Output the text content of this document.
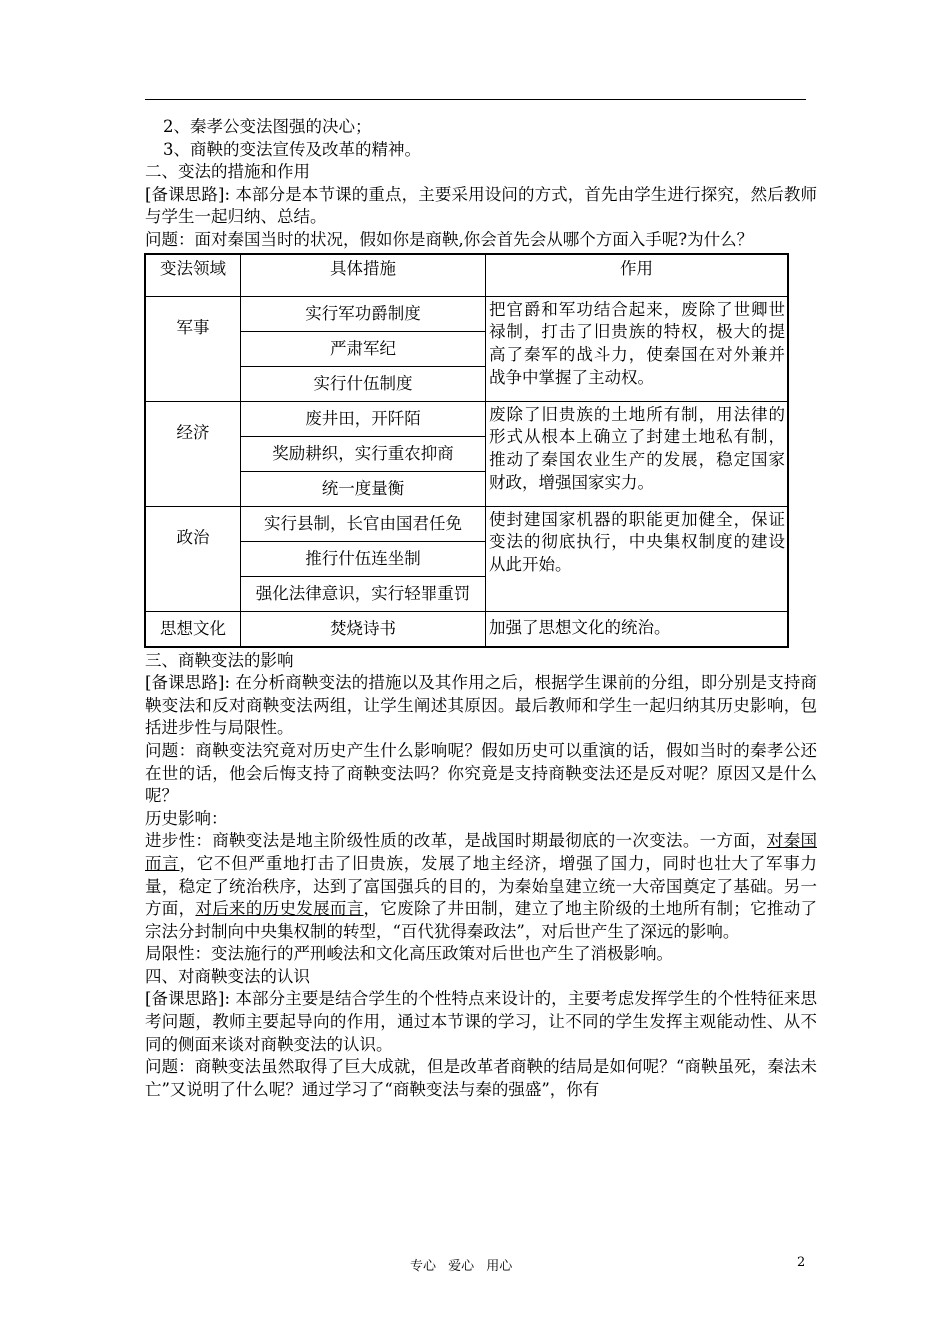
2、秦孝公变法图强的决心；

3、商鞅的变法宣传及改革的精神。

二、变法的措施和作用

[备课思路]: 本部分是本节课的重点，主要采用设问的方式，首先由学生进行探究，然后教师与学生一起归纳、总结。

问题：面对秦国当时的状况，假如你是商鞅,你会首先会从哪个方面入手呢?为什么？

变法领域	具体措施	作用
军事	实行军功爵制度	把官爵和军功结合起来，废除了世卿世禄制，打击了旧贵族的特权，极大的提高了秦军的战斗力，使秦国在对外兼并战争中掌握了主动权。
	严肃军纪	
	实行什伍制度	
经济	废井田，开阡陌	废除了旧贵族的土地所有制，用法律的形式从根本上确立了封建土地私有制，推动了秦国农业生产的发展，稳定国家财政，增强国家实力。
	奖励耕织，实行重农抑商	
	统一度量衡	
政治	实行县制，长官由国君任免	使封建国家机器的职能更加健全，保证变法的彻底执行，中央集权制度的建设从此开始。
	推行什伍连坐制	
	强化法律意识，实行轻罪重罚	
思想文化	焚烧诗书	加强了思想文化的统治。

三、商鞅变法的影响

[备课思路]: 在分析商鞅变法的措施以及其作用之后，根据学生课前的分组，即分别是支持商鞅变法和反对商鞅变法两组，让学生阐述其原因。最后教师和学生一起归纳其历史影响，包括进步性与局限性。

问题：商鞅变法究竟对历史产生什么影响呢？假如历史可以重演的话，假如当时的秦孝公还在世的话，他会后悔支持了商鞅变法吗？你究竟是支持商鞅变法还是反对呢？原因又是什么呢？

历史影响：

进步性：商鞅变法是地主阶级性质的改革，是战国时期最彻底的一次变法。一方面，对秦国而言，它不但严重地打击了旧贵族，发展了地主经济，增强了国力，同时也壮大了军事力量，稳定了统治秩序，达到了富国强兵的目的，为秦始皇建立统一大帝国奠定了基础。另一方面，对后来的历史发展而言，它废除了井田制，建立了地主阶级的土地所有制；它推动了宗法分封制向中央集权制的转型，“百代犹得秦政法”，对后世产生了深远的影响。

局限性：变法施行的严刑峻法和文化高压政策对后世也产生了消极影响。

四、对商鞅变法的认识

[备课思路]: 本部分主要是结合学生的个性特点来设计的，主要考虑发挥学生的个性特征来思考问题，教师主要起导向的作用，通过本节课的学习，让不同的学生发挥主观能动性、从不同的侧面来谈对商鞅变法的认识。

问题：商鞅变法虽然取得了巨大成就，但是改革者商鞅的结局是如何呢？“商鞅虽死，秦法未亡”又说明了什么呢？通过学习了“商鞅变法与秦的强盛”，你有

专心 爱心 用心	2
